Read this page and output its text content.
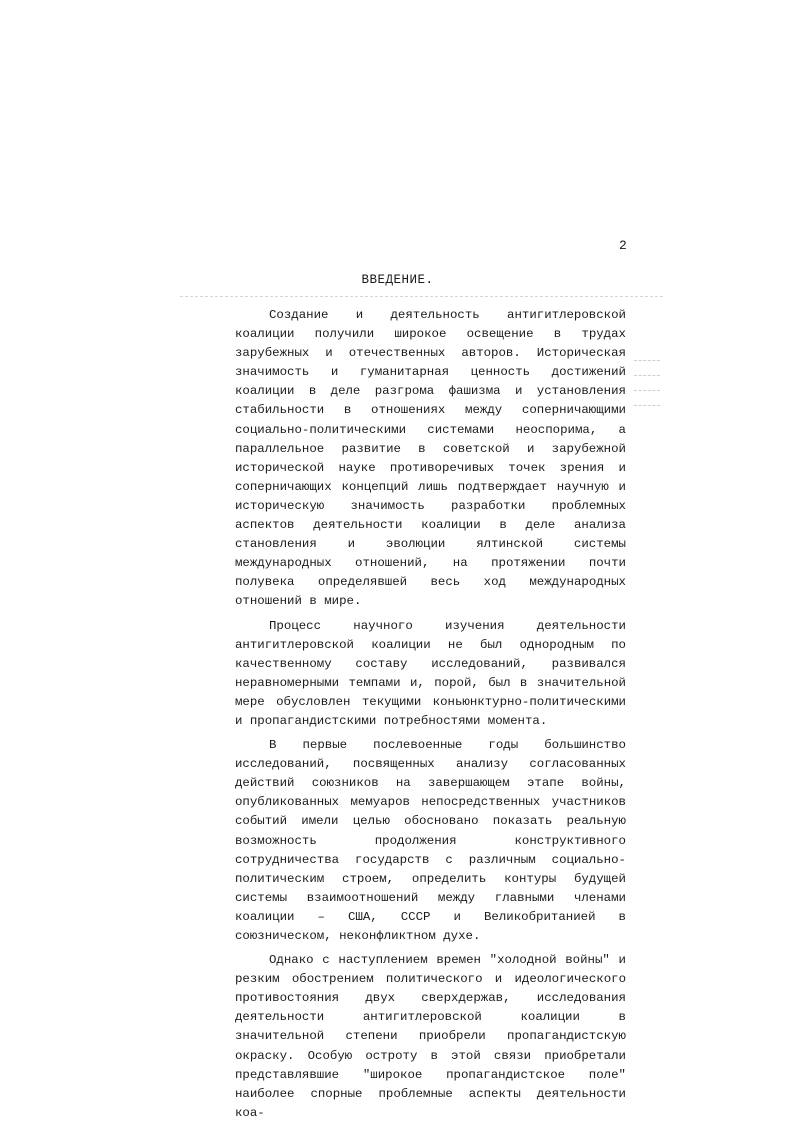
2
ВВЕДЕНИЕ.

Создание и деятельность антигитлеровской коалиции получили широкое освещение в трудах зарубежных и отечественных авторов. Историческая значимость и гуманитарная ценность достижений коалиции в деле разгрома фашизма и установления стабильности в отношениях между соперничающими социально-политическими системами неоспорима, а параллельное развитие в советской и зарубежной исторической науке противоречивых точек зрения и соперничающих концепций лишь подтверждает научную и историческую значимость разработки проблемных аспектов деятельности коалиции в деле анализа становления и эволюции ялтинской системы международных отношений, на протяжении почти полувека определявшей весь ход международных отношений в мире.

Процесс научного изучения деятельности антигитлеровской коалиции не был однородным по качественному составу исследований, развивался неравномерными темпами и, порой, был в значительной мере обусловлен текущими коньюнктурно-политическими и пропагандистскими потребностями момента.

В первые послевоенные годы большинство исследований, посвященных анализу согласованных действий союзников на завершающем этапе войны, опубликованных мемуаров непосредственных участников событий имели целью обосновано показать реальную возможность продолжения конструктивного сотрудничества государств с различным социально-политическим строем, определить контуры будущей системы взаимоотношений между главными членами коалиции – США, СССР и Великобританией в союзническом, неконфликтном духе.

Однако с наступлением времен "холодной войны" и резким обострением политического и идеологического противостояния двух сверхдержав, исследования деятельности антигитлеровской коалиции в значительной степени приобрели пропагандистскую окраску. Особую остроту в этой связи приобретали представлявшие "широкое пропагандистское поле" наиболее спорные проблемные аспекты деятельности коа-
